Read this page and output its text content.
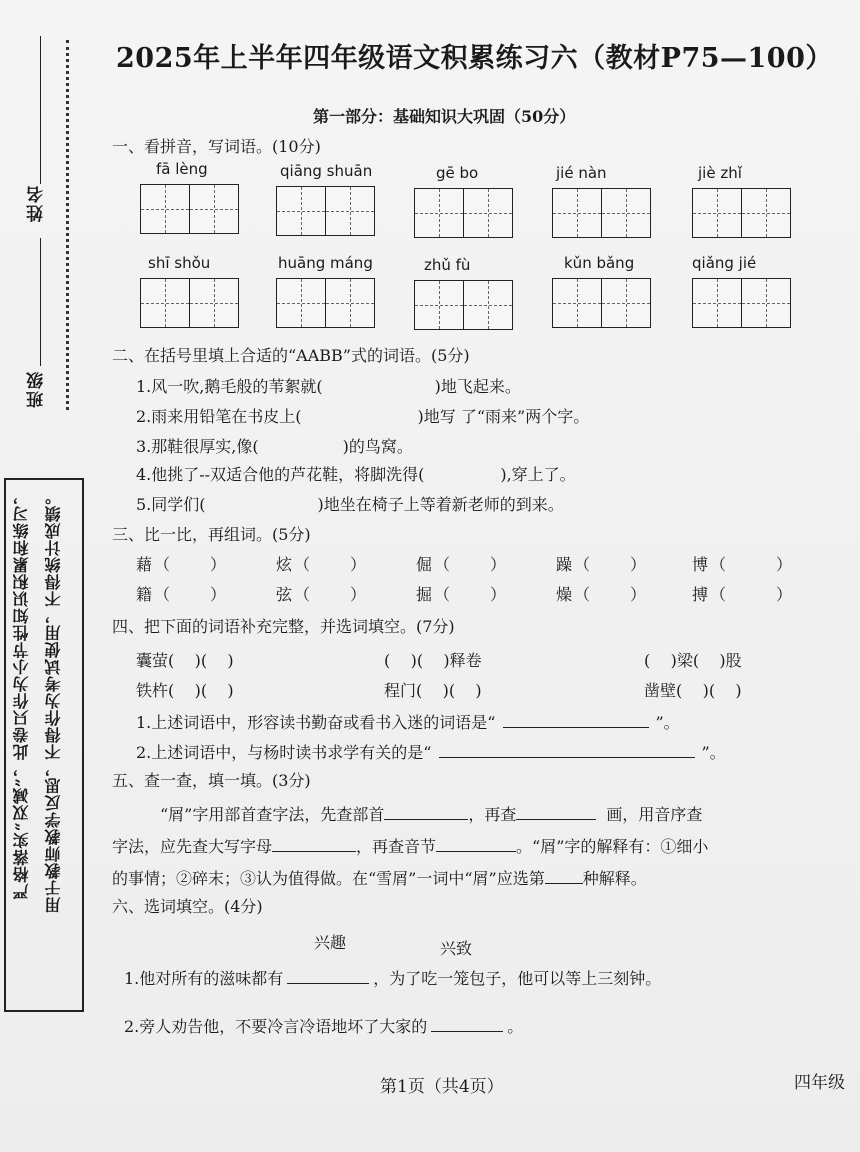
姓名
班级
严格落实“双减”，此卷只作为小节性知识积累和练习， 用于教师教学反思，不得作为考试使用，不得统计成绩。
2025年上半年四年级语文积累练习六（教材P75—100）
第一部分：基础知识大巩固（50分）
一、看拼音，写词语。(10分)
fā lèng	qiāng shuān	gē bo	jié nàn	jiè zhǐ
shī shǒu	huāng máng	zhǔ fù	kǔn bǎng	qiǎng jié
二、在括号里填上合适的“AABB”式的词语。(5分)
1.风一吹,鹅毛般的苇絮就(	)地飞起来。
2.雨来用铅笔在书皮上(	)地写 了“雨来”两个字。
3.那鞋很厚实,像(	)的鸟窝。
4.他挑了--双适合他的芦花鞋，将脚洗得(	),穿上了。
5.同学们(	)地坐在椅子上等着新老师的到来。
三、比一比，再组词。(5分)
藉 （	）	炫 （	）	倔 （	）	躁 （	）	博 （	）
籍 （	）	弦 （	）	掘 （	）	燥 （	）	搏 （	）
四、把下面的词语补充完整，并选词填空。(7分)
囊萤(    )(    )	(    )(    )释卷	(    )梁(    )股
铁杵(    )(    )	程门(    )(    )	凿壁(    )(    )
1.上述词语中，形容读书勤奋或看书入迷的词语是“	”。
2.上述词语中，与杨时读书求学有关的是“	”。
五、查一查，填一填。(3分)
“屑”字用部首查字法，先查部首	，再查	画，用音序查
字法，应先查大写字母	，再查音节	。“屑”字的解释有：①细小
的事情；②碎末；③认为值得做。在“雪屑”一词中“屑”应选第 种解释。
六、选词填空。(4分)
兴趣	兴致
1.他对所有的滋味都有	，为了吃一笼包子，他可以等上三刻钟。
2.旁人劝告他，不要冷言冷语地坏了大家的	。
第1页（共4页）	四年级
